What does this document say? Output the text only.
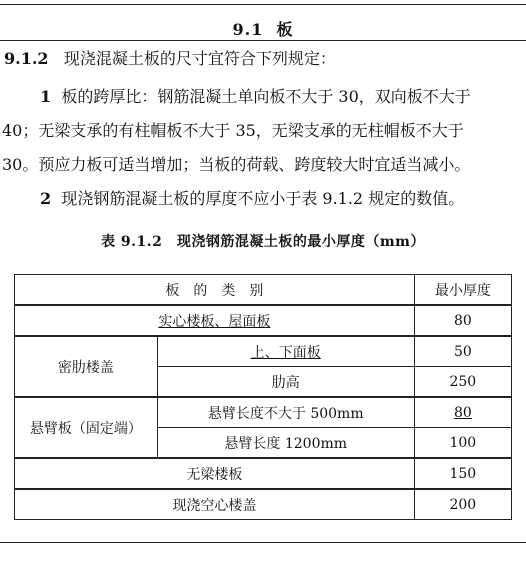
9.1 板
9.1.2 现浇混凝土板的尺寸宜符合下列规定：
1 板的跨厚比：钢筋混凝土单向板不大于 30，双向板不大于
40；无梁支承的有柱帽板不大于 35，无梁支承的无柱帽板不大于
30。预应力板可适当增加；当板的荷载、跨度较大时宜适当减小。
2 现浇钢筋混凝土板的厚度不应小于表 9.1.2 规定的数值。
表 9.1.2　现浇钢筋混凝土板的最小厚度（mm）
板　的　类　别		最小厚度
实心楼板、屋面板		80
密肋楼盖	上、下面板	50
	肋高	250
悬臂板（固定端）	悬臂长度不大于 500mm	80
	悬臂长度 1200mm	100
无梁楼板		150
现浇空心楼盖		200
